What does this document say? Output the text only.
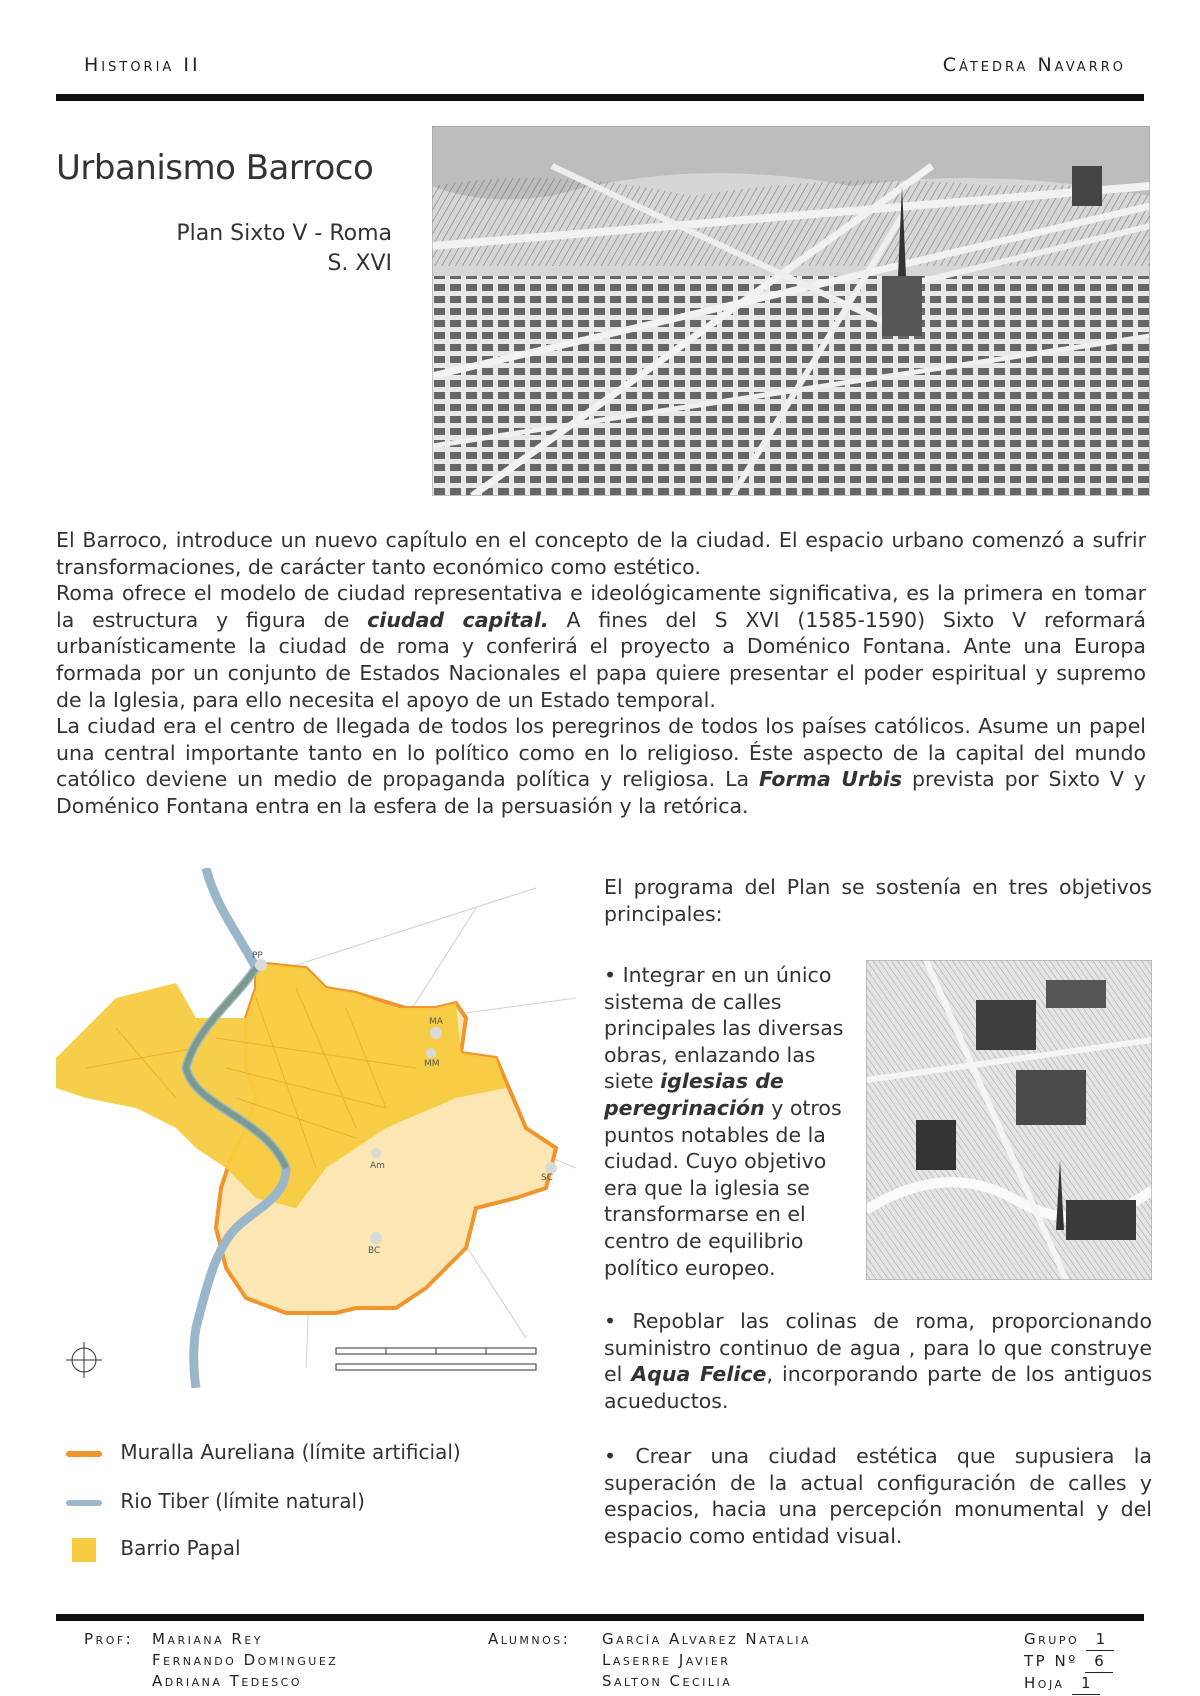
Historia II	Cátedra Navarro
Urbanismo Barroco
Plan Sixto V - Roma
S. XVI

El Barroco, introduce un nuevo capítulo en el concepto de la ciudad. El espacio urbano comenzó a sufrir transformaciones, de carácter tanto económico como estético.

Roma ofrece el modelo de ciudad representativa e ideológicamente significativa, es la primera en tomar la estructura y figura de ciudad capital. A fines del S XVI (1585-1590) Sixto V reformará urbanísticamente la ciudad de roma y conferirá el proyecto a Doménico Fontana. Ante una Europa formada por un conjunto de Estados Nacionales el papa quiere presentar el poder espiritual y supremo de la Iglesia, para ello necesita el apoyo de un Estado temporal.

La ciudad era el centro de llegada de todos los peregrinos de todos los países católicos. Asume un papel una central importante tanto en lo político como en lo religioso. Éste aspecto de la capital del mundo católico deviene un medio de propaganda política y religiosa. La Forma Urbis prevista por Sixto V y Doménico Fontana entra en la esfera de la persuasión y la retórica.

PP
MA
MM
SC
Am
BC
Muralla Aureliana (límite artificial)
Rio Tiber (límite natural)
Barrio Papal
El programa del Plan se sostenía en tres objetivos principales:

• Integrar en un único sistema de calles principales las diversas obras, enlazando las siete iglesias de peregrinación y otros puntos notables de la ciudad. Cuyo objetivo era que la iglesia se transformarse en el centro de equilibrio político europeo.

• Repoblar las colinas de roma, proporcionando suministro continuo de agua , para lo que construye el Aqua Felice, incorporando parte de los antiguos acueductos.

• Crear una ciudad estética que supusiera la superación de la actual configuración de calles y espacios, hacia una percepción monumental y del espacio como entidad visual.
Prof: Mariana Rey
Fernando Dominguez
Adriana Tedesco
Alumnos: García Alvarez Natalia
Laserre Javier
Salton Cecilia
Grupo 1
TP Nº 6
Hoja 1
